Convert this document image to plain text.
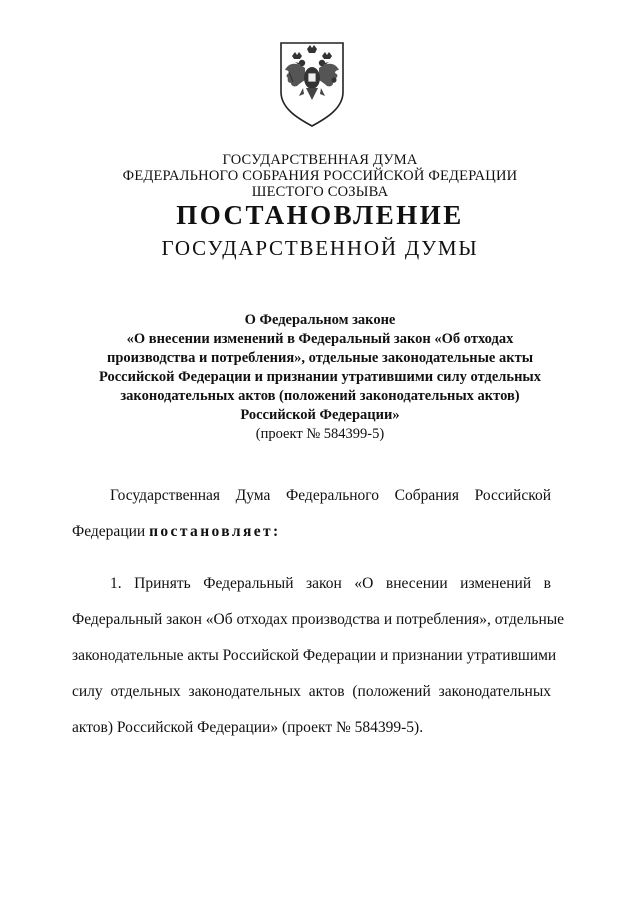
ГОСУДАРСТВЕННАЯ ДУМА
ФЕДЕРАЛЬНОГО СОБРАНИЯ РОССИЙСКОЙ ФЕДЕРАЦИИ
ШЕСТОГО СОЗЫВА
ПОСТАНОВЛЕНИЕ
ГОСУДАРСТВЕННОЙ ДУМЫ
О Федеральном законе
«О внесении изменений в Федеральный закон «Об отходах
производства и потребления», отдельные законодательные акты
Российской Федерации и признании утратившими силу отдельных
законодательных актов (положений законодательных актов)
Российской Федерации»
(проект № 584399-5)
Государственная Дума Федерального Собрания Российской
Федерации постановляет:
1. Принять Федеральный закон «О внесении изменений в
Федеральный закон «Об отходах производства и потребления», отдельные
законодательные акты Российской Федерации и признании утратившими
силу отдельных законодательных актов (положений законодательных
актов) Российской Федерации» (проект № 584399-5).
